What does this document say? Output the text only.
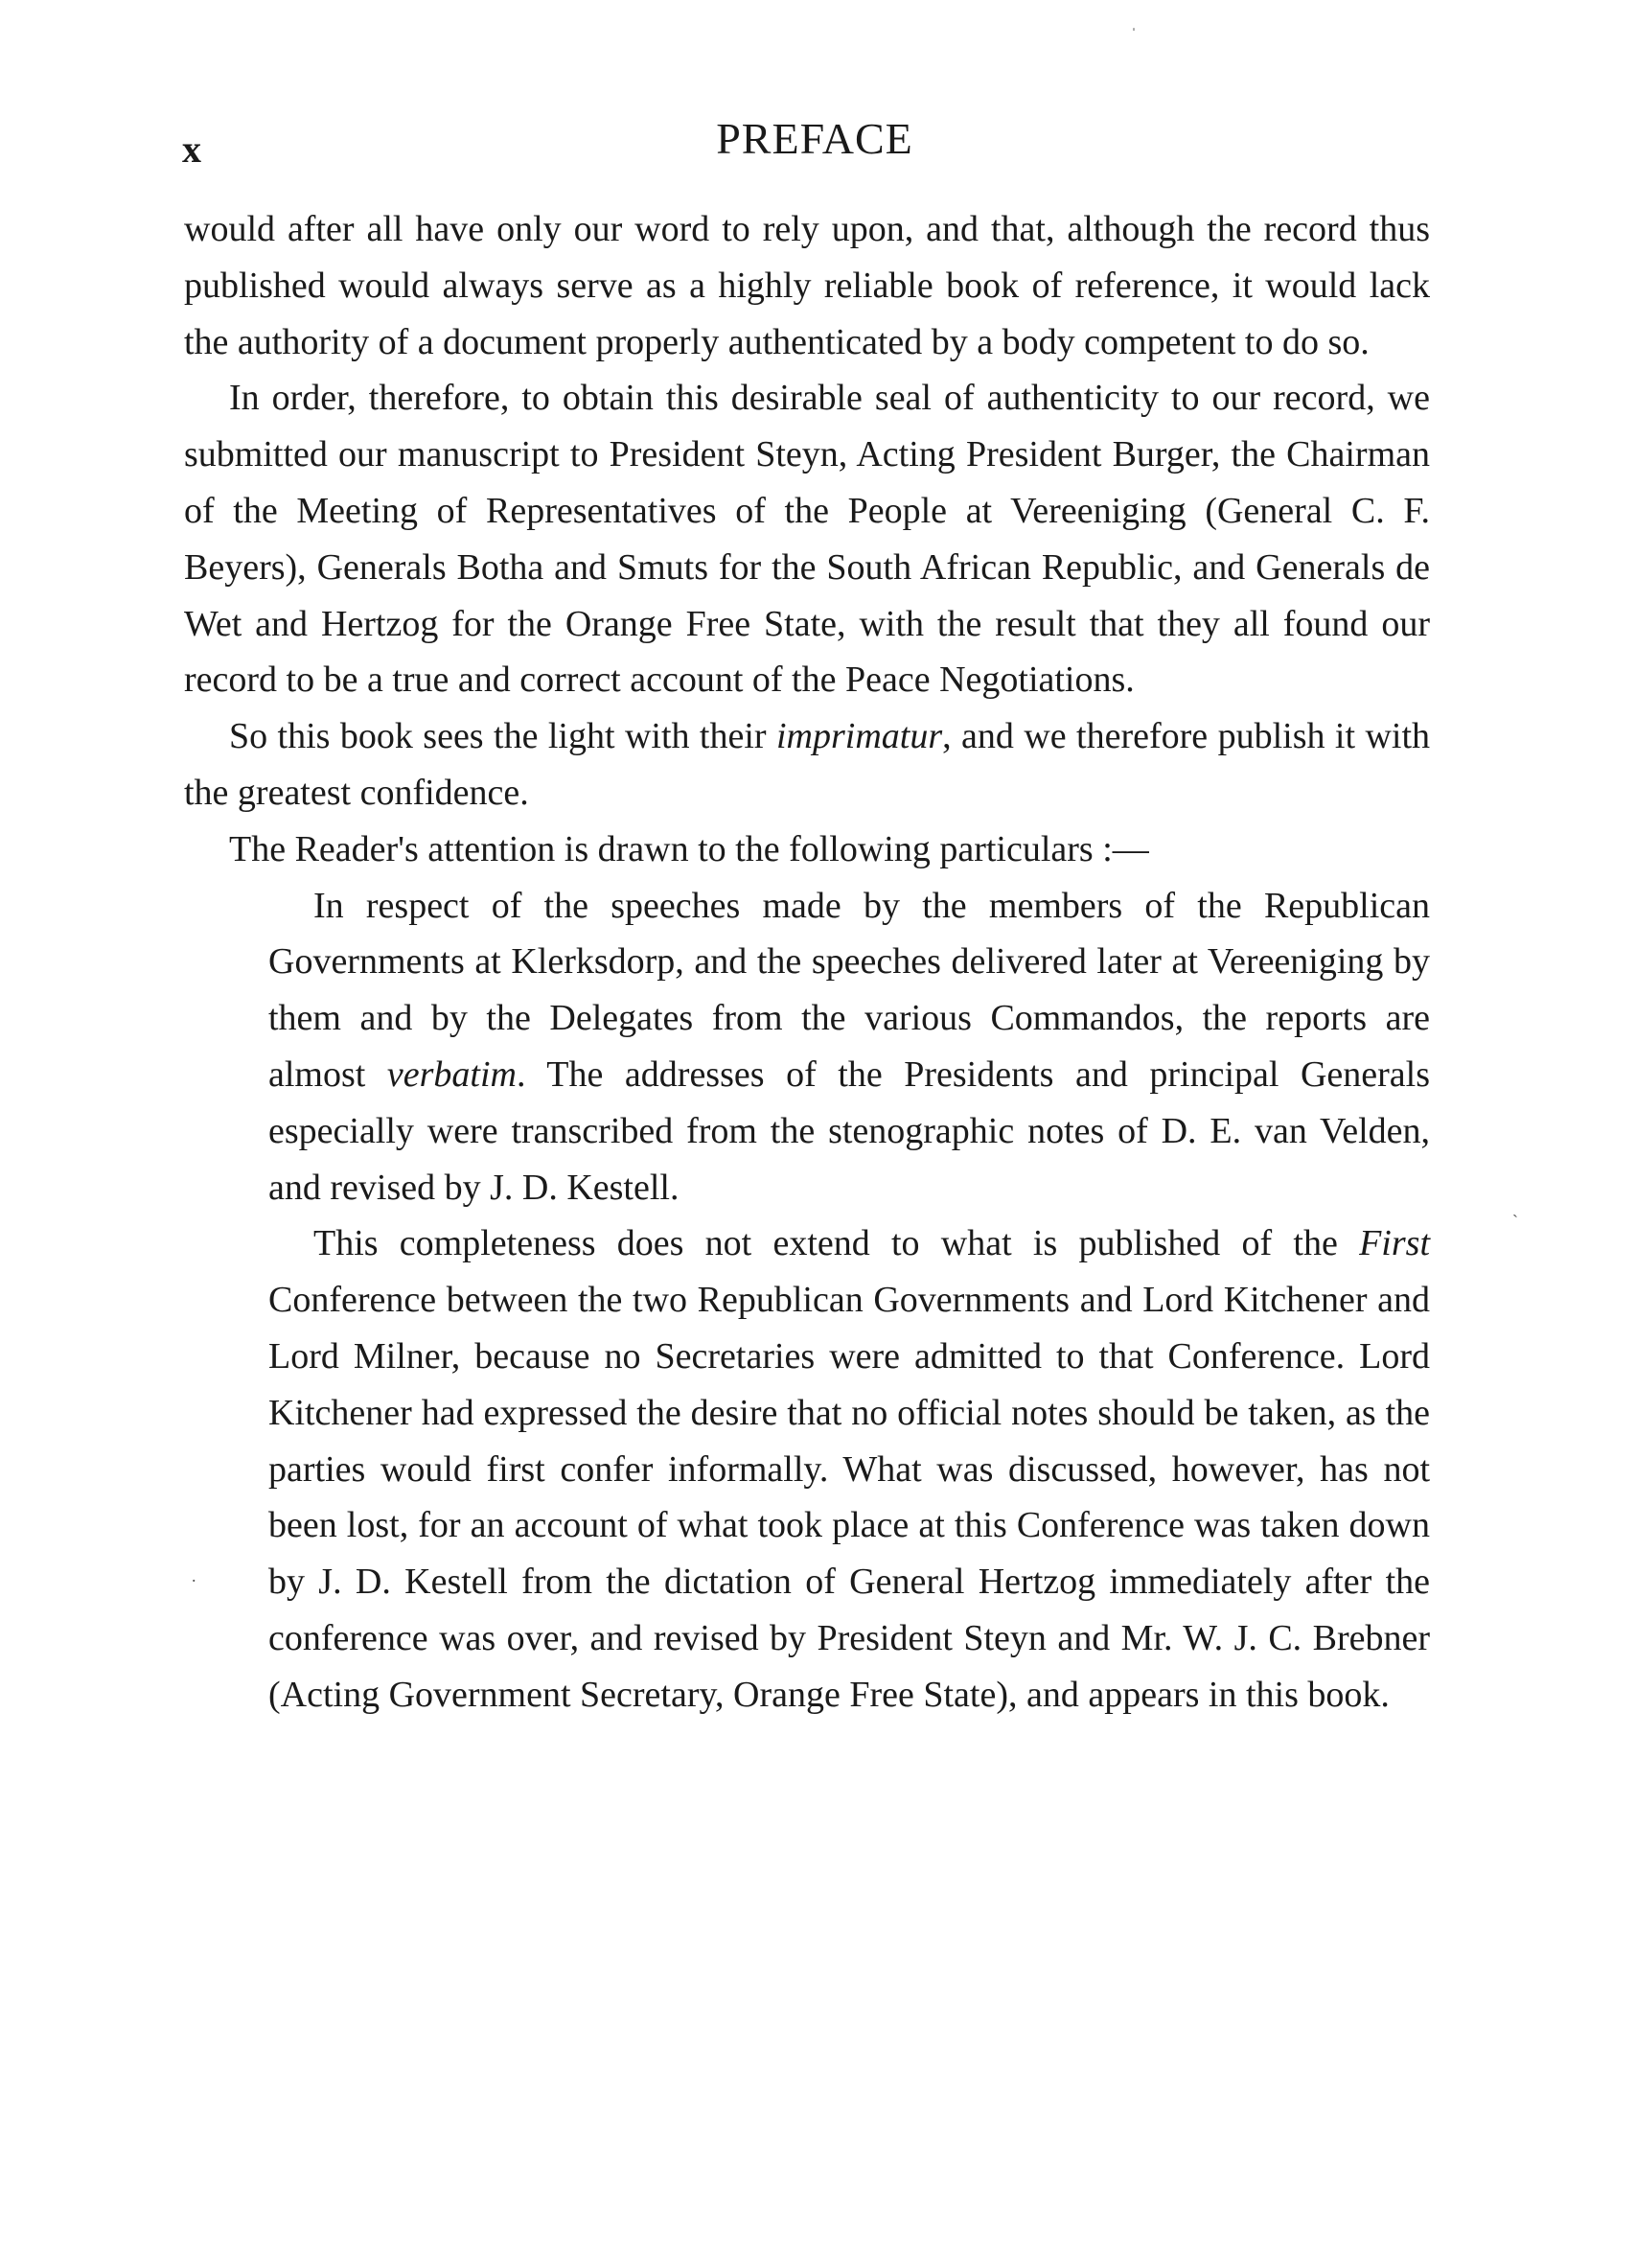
x	PREFACE

would after all have only our word to rely upon, and that, although the record thus published would always serve as a highly reliable book of reference, it would lack the authority of a document properly authenticated by a body competent to do so.

In order, therefore, to obtain this desirable seal of authenticity to our record, we submitted our manuscript to President Steyn, Acting President Burger, the Chairman of the Meeting of Representatives of the People at Vereeniging (General C. F. Beyers), Generals Botha and Smuts for the South African Republic, and Generals de Wet and Hertzog for the Orange Free State, with the result that they all found our record to be a true and correct account of the Peace Negotiations.

So this book sees the light with their imprimatur, and we therefore publish it with the greatest confidence.

The Reader's attention is drawn to the following particulars :—

In respect of the speeches made by the members of the Republican Governments at Klerksdorp, and the speeches delivered later at Vereeniging by them and by the Delegates from the various Commandos, the reports are almost verbatim. The addresses of the Presidents and principal Generals especially were transcribed from the stenographic notes of D. E. van Velden, and revised by J. D. Kestell.

This completeness does not extend to what is published of the First Conference between the two Republican Governments and Lord Kitchener and Lord Milner, because no Secretaries were admitted to that Conference. Lord Kitchener had expressed the desire that no official notes should be taken, as the parties would first confer informally. What was discussed, however, has not been lost, for an account of what took place at this Conference was taken down by J. D. Kestell from the dictation of General Hertzog immediately after the conference was over, and revised by President Steyn and Mr. W. J. C. Brebner (Acting Government Secretary, Orange Free State), and appears in this book.

ˌ
ˏ
.
